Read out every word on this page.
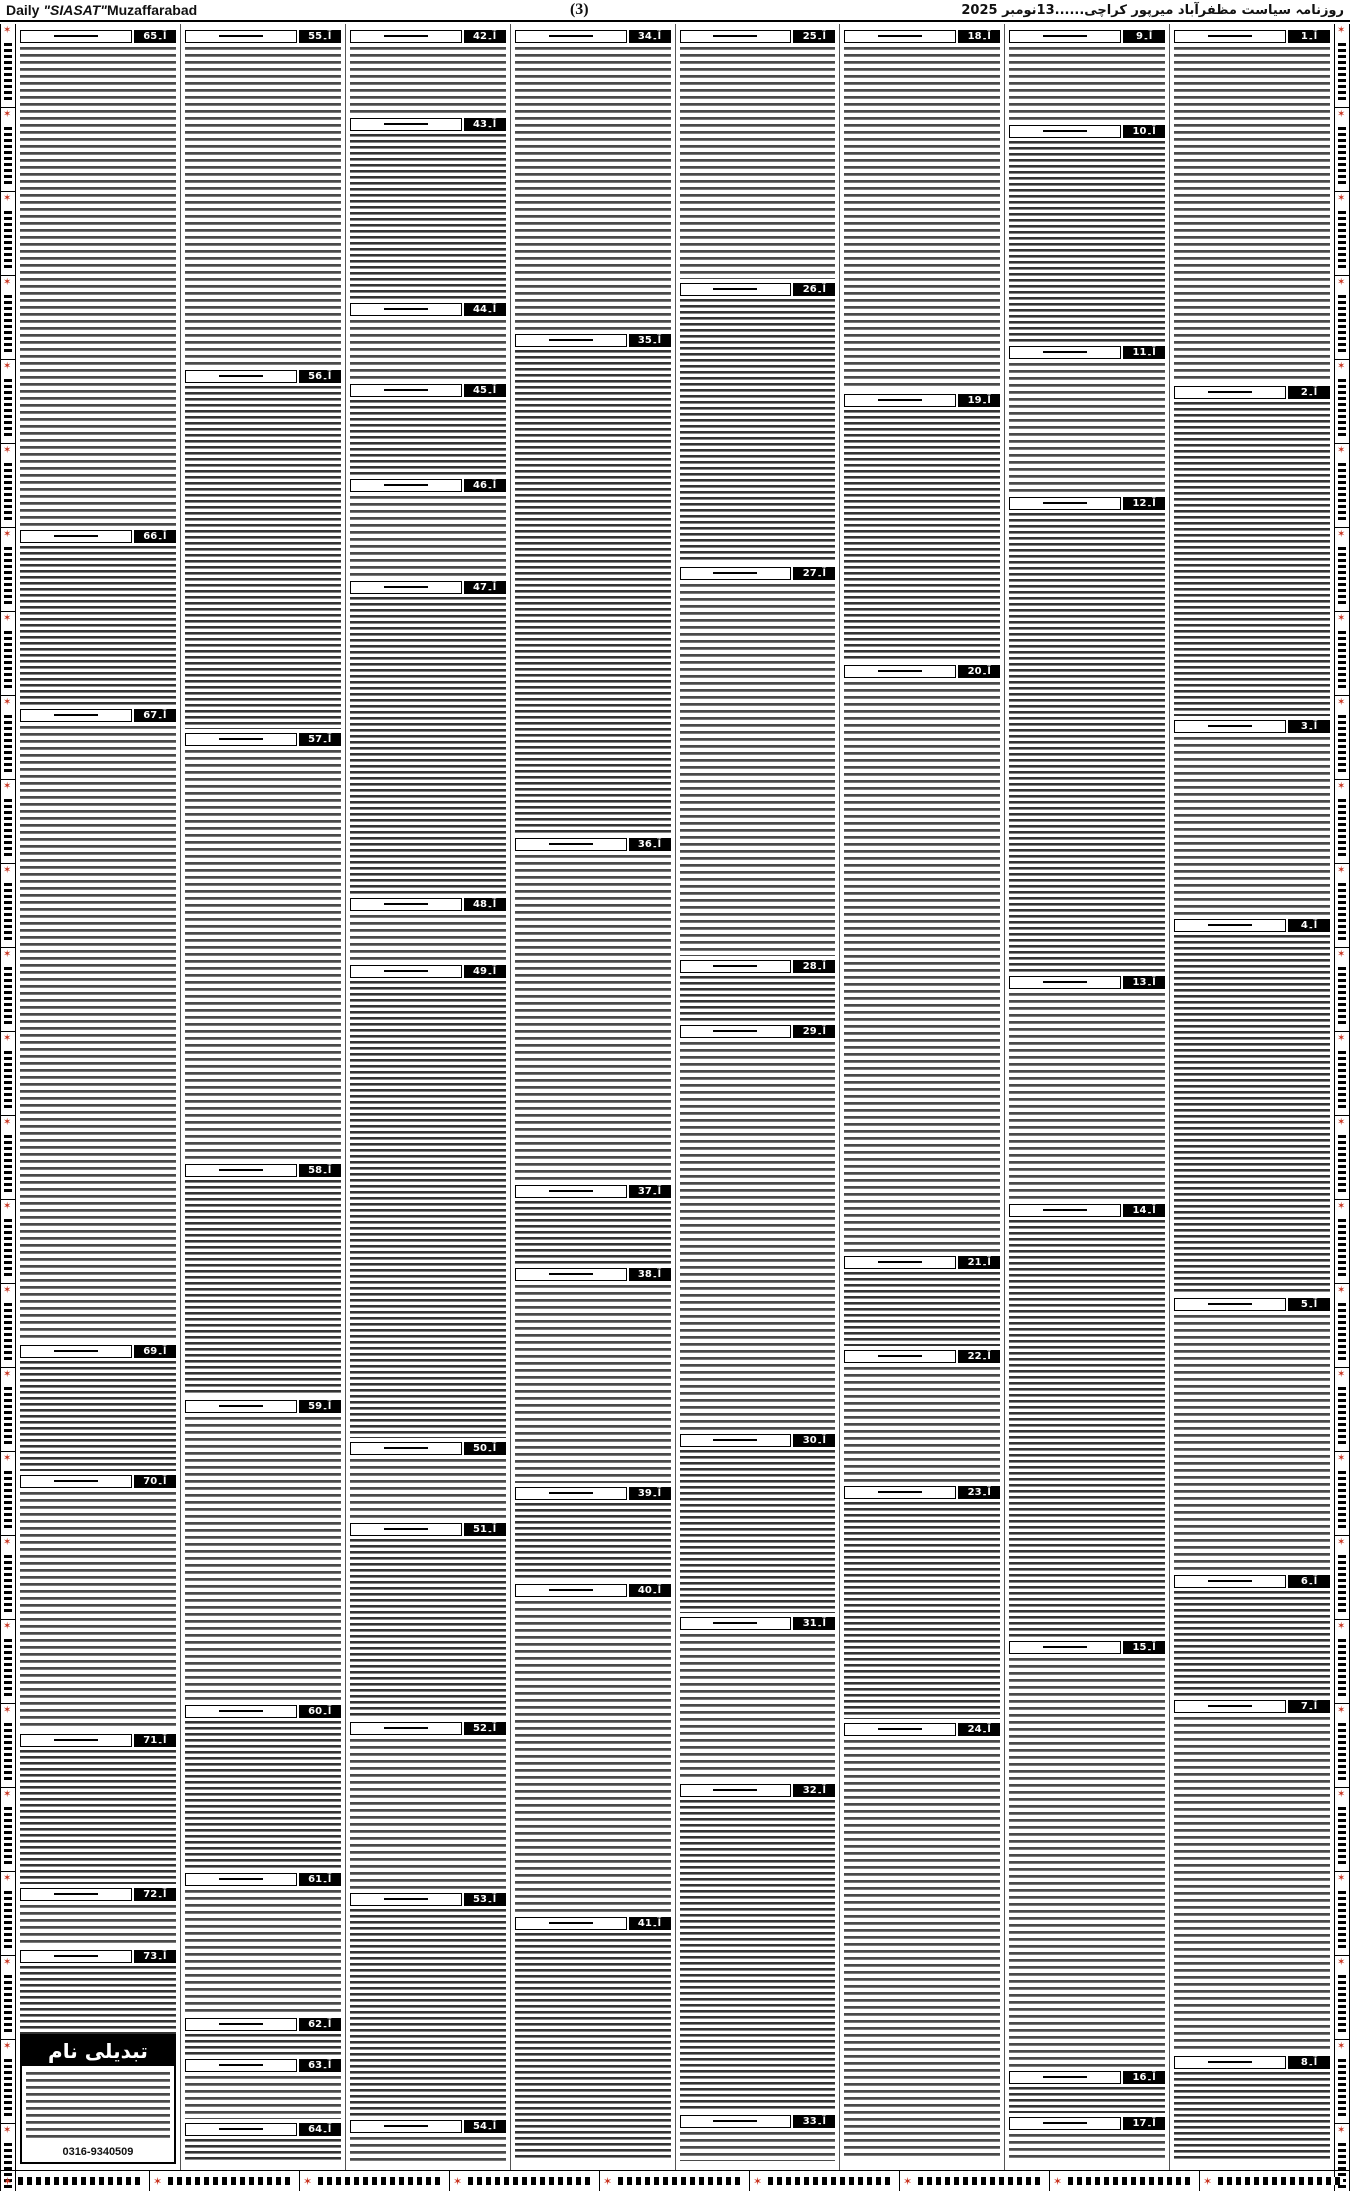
Daily "SIASAT"Muzaffarabad	(3)	روزنامہ سیاست مظفرآباد میرپور کراچی......13نومبر 2025
✶
✶
✶
✶
✶
✶
✶
✶
✶
✶
✶
✶
✶
✶
✶
✶
✶
✶
✶
✶
✶
✶
✶
✶
✶
✶
✶
✶
✶
✶
✶
✶
✶
✶
✶
✶
✶
✶
✶
✶
✶
✶
✶
✶
✶
✶
✶
✶
✶
✶
✶
✶
✶	✶	✶	✶	✶	✶	✶	✶	✶
آ۔1
آ۔2
آ۔3
آ۔4
آ۔5
آ۔6
آ۔7
آ۔8
آ۔9
آ۔10
آ۔11
آ۔12
آ۔13
آ۔14
آ۔15
آ۔16
آ۔17
آ۔18
آ۔19
آ۔20
آ۔21
آ۔22
آ۔23
آ۔24
آ۔25
آ۔26
آ۔27
آ۔28
آ۔29
آ۔30
آ۔31
آ۔32
آ۔33
آ۔34
آ۔35
آ۔36
آ۔37
آ۔38
آ۔39
آ۔40
آ۔41
آ۔42
آ۔43
آ۔44
آ۔45
آ۔46
آ۔47
آ۔48
آ۔49
آ۔50
آ۔51
آ۔52
آ۔53
آ۔54
آ۔55
آ۔56
آ۔57
آ۔58
آ۔59
آ۔60
آ۔61
آ۔62
آ۔63
آ۔64
آ۔65
آ۔66
آ۔67
آ۔69
آ۔70
آ۔71
آ۔72
آ۔73
تبدیلی نام
0316-9340509
